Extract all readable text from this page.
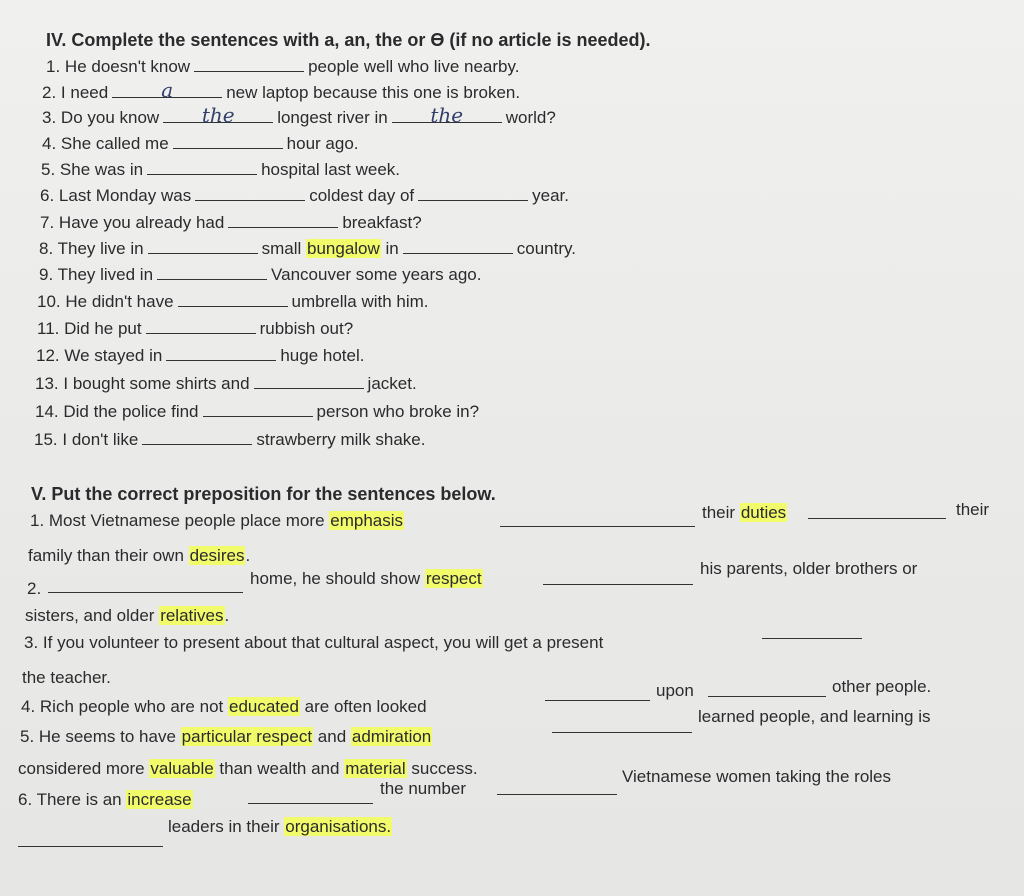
IV. Complete the sentences with a, an, the or ϴ (if no article is needed).
1. He doesn't know	people well who live nearby.
2. I need	a	new laptop because this one is broken.
3. Do you know	the	longest river in	the	world?
4. She called me	hour ago.
5. She was in	hospital last week.
6. Last Monday was	coldest day of	year.
7. Have you already had	breakfast?
8. They live in	small bungalow in	country.
9. They lived in	Vancouver some years ago.
10. He didn't have	umbrella with him.
11. Did he put	rubbish out?
12. We stayed in	huge hotel.
13. I bought some shirts and	jacket.
14. Did the police find	person who broke in?
15. I don't like	strawberry milk shake.
V. Put the correct preposition for the sentences below.
1. Most Vietnamese people place more emphasis	their duties	their
family than their own desires.
2.
home, he should show respect
his parents, older brothers or
sisters, and older relatives.
3. If you volunteer to present about that cultural aspect, you will get a present
the teacher.
4. Rich people who are not educated are often looked
upon	other people.
5. He seems to have particular respect and admiration
learned people, and learning is
considered more valuable than wealth and material success.
6. There is an increase
the number
Vietnamese women taking the roles
leaders in their organisations.
